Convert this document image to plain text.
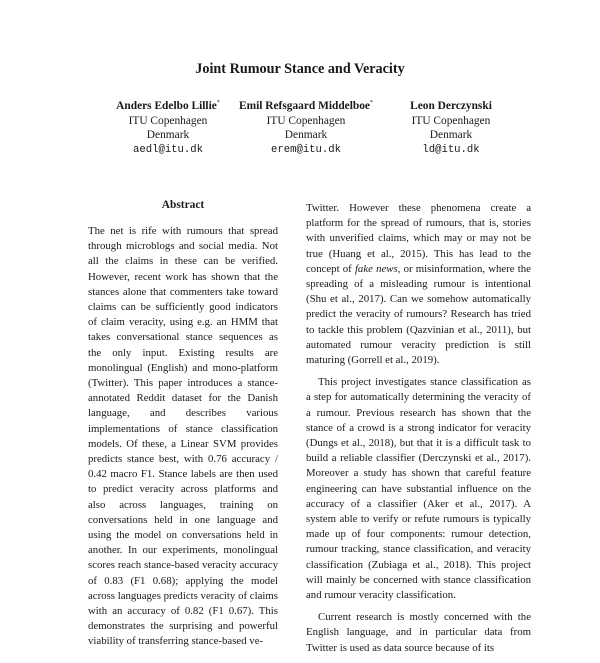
Joint Rumour Stance and Veracity
Anders Edelbo Lillie*
ITU Copenhagen
Denmark
aedl@itu.dk
Emil Refsgaard Middelboe*
ITU Copenhagen
Denmark
erem@itu.dk
Leon Derczynski
ITU Copenhagen
Denmark
ld@itu.dk
Abstract

The net is rife with rumours that spread through microblogs and social media. Not all the claims in these can be verified. However, recent work has shown that the stances alone that commenters take toward claims can be sufficiently good indicators of claim veracity, using e.g. an HMM that takes conversational stance sequences as the only input. Existing results are monolingual (English) and mono-platform (Twitter). This paper introduces a stance-annotated Reddit dataset for the Danish language, and describes various implementations of stance classification models. Of these, a Linear SVM provides predicts stance best, with 0.76 accuracy / 0.42 macro F1. Stance labels are then used to predict veracity across platforms and also across languages, training on conversations held in one language and using the model on conversations held in another. In our experiments, monolingual scores reach stance-based veracity accuracy of 0.83 (F1 0.68); applying the model across languages predicts veracity of claims with an accuracy of 0.82 (F1 0.67). This demonstrates the surprising and powerful viability of transferring stance-based ve-

Twitter. However these phenomena create a platform for the spread of rumours, that is, stories with unverified claims, which may or may not be true (Huang et al., 2015). This has lead to the concept of fake news, or misinformation, where the spreading of a misleading rumour is intentional (Shu et al., 2017). Can we somehow automatically predict the veracity of rumours? Research has tried to tackle this problem (Qazvinian et al., 2011), but automated rumour veracity prediction is still maturing (Gorrell et al., 2019).

This project investigates stance classification as a step for automatically determining the veracity of a rumour. Previous research has shown that the stance of a crowd is a strong indicator for veracity (Dungs et al., 2018), but that it is a difficult task to build a reliable classifier (Derczynski et al., 2017). Moreover a study has shown that careful feature engineering can have substantial influence on the accuracy of a classifier (Aker et al., 2017). A system able to verify or refute rumours is typically made up of four components: rumour detection, rumour tracking, stance classification, and veracity classification (Zubiaga et al., 2018). This project will mainly be concerned with stance classification and rumour veracity classification.

Current research is mostly concerned with the English language, and in particular data from Twitter is used as data source because of its
